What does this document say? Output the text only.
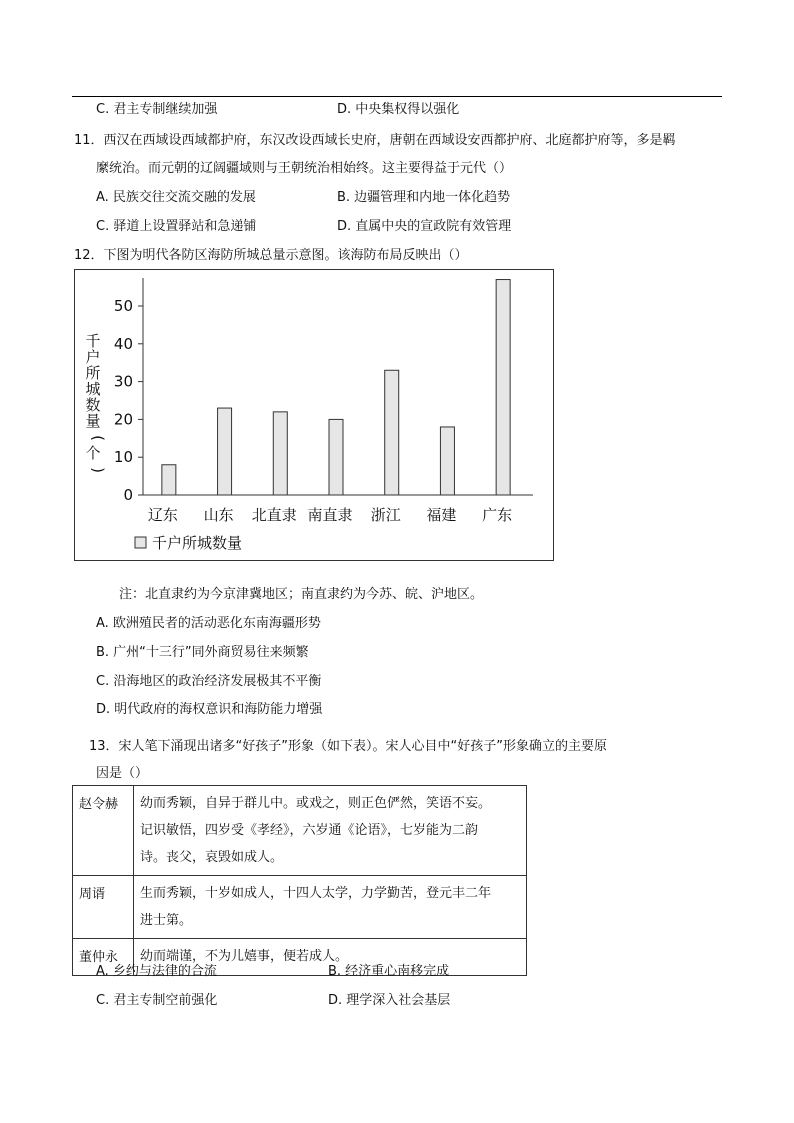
C. 君主专制继续加强	D. 中央集权得以强化
11．西汉在西域设西域都护府，东汉改设西域长史府，唐朝在西域设安西都护府、北庭都护府等，多是羁
縻统治。而元朝的辽阔疆域则与王朝统治相始终。这主要得益于元代（）
A. 民族交往交流交融的发展	B. 边疆管理和内地一体化趋势
C. 驿道上设置驿站和急递铺	D. 直属中央的宣政院有效管理
12．下图为明代各防区海防所城总量示意图。该海防布局反映出（）
0
10
20
30
40
50
千
户
所
城
数
量
(
个
)
辽东 山东 北直隶 南直隶 浙江 福建 广东
千户所城数量
注：北直隶约为今京津冀地区；南直隶约为今苏、皖、沪地区。
A. 欧洲殖民者的活动恶化东南海疆形势
B. 广州“十三行”同外商贸易往来频繁
C. 沿海地区的政治经济发展极其不平衡
D. 明代政府的海权意识和海防能力增强
13．宋人笔下涌现出诸多“好孩子”形象（如下表）。宋人心目中“好孩子”形象确立的主要原
因是（）
赵令赫	幼而秀颖，自异于群儿中。或戏之，则正色俨然，笑语不妄。
记识敏悟，四岁受《孝经》，六岁通《论语》，七岁能为二韵
诗。丧父，哀毁如成人。

周谞	生而秀颖，十岁如成人，十四人太学，力学勤苦，登元丰二年
进士第。

董仲永	幼而端谨，不为儿嬉事，便若成人。
A. 乡约与法律的合流	B. 经济重心南移完成
C. 君主专制空前强化	D. 理学深入社会基层
